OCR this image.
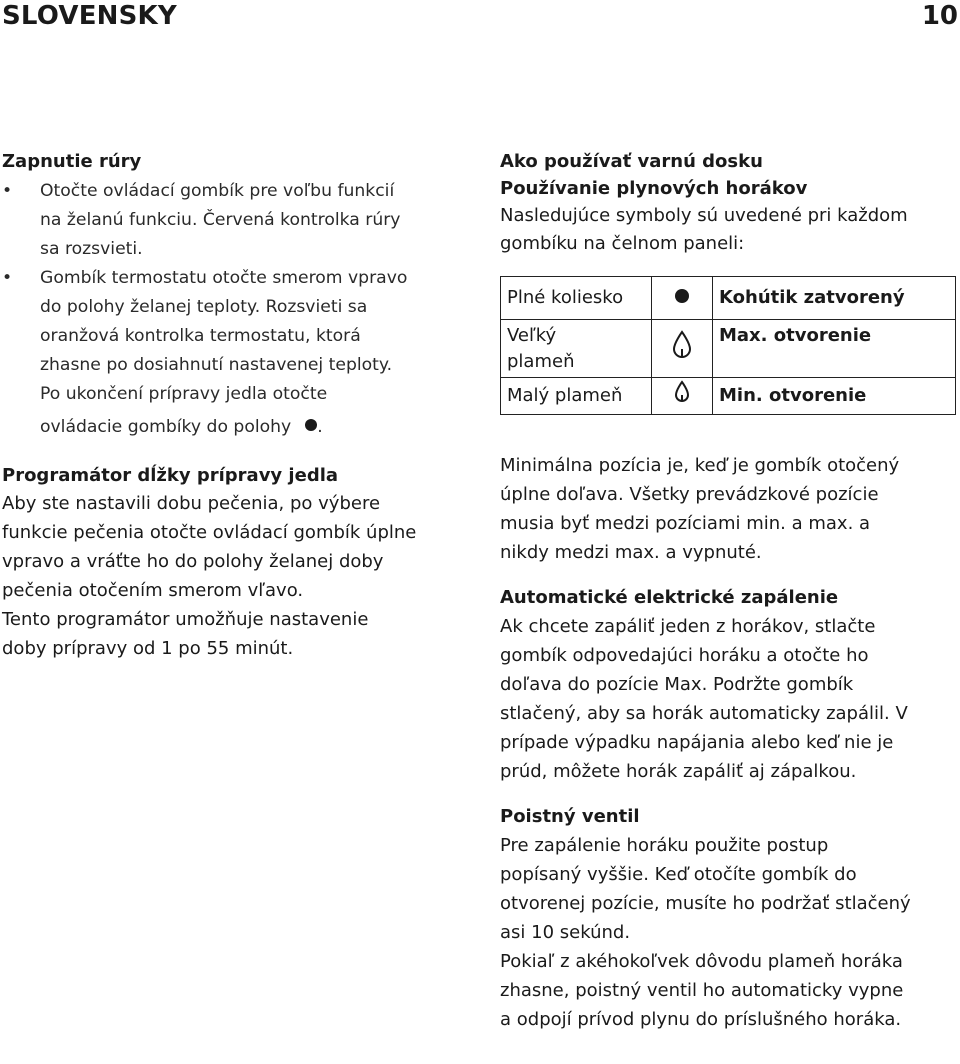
SLOVENSKY	10
Zapnutie rúry
•	Otočte ovládací gombík pre voľbu funkcií
na želanú funkciu. Červená kontrolka rúry
sa rozsvieti.
•	Gombík termostatu otočte smerom vpravo
do polohy želanej teploty. Rozsvieti sa
oranžová kontrolka termostatu, ktorá
zhasne po dosiahnutí nastavenej teploty.
Po ukončení prípravy jedla otočte
ovládacie gombíky do polohy .
Programátor dĺžky prípravy jedla

Aby ste nastavili dobu pečenia, po výbere
funkcie pečenia otočte ovládací gombík úplne
vpravo a vráťte ho do polohy želanej doby
pečenia otočením smerom vľavo.
Tento programátor umožňuje nastavenie
doby prípravy od 1 po 55 minút.

Ako používať varnú dosku
Používanie plynových horákov

Nasledujúce symboly sú uvedené pri každom
gombíku na čelnom paneli:

Plné koliesko		Kohútik zatvorený
Veľký
plameň		Max. otvorenie
Malý plameň		Min. otvorenie

Minimálna pozícia je, keď je gombík otočený
úplne doľava. Všetky prevádzkové pozície
musia byť medzi pozíciami min. a max. a
nikdy medzi max. a vypnuté.

Automatické elektrické zapálenie

Ak chcete zapáliť jeden z horákov, stlačte
gombík odpovedajúci horáku a otočte ho
doľava do pozície Max. Podržte gombík
stlačený, aby sa horák automaticky zapálil. V
prípade výpadku napájania alebo keď nie je
prúd, môžete horák zapáliť aj zápalkou.

Poistný ventil

Pre zapálenie horáku použite postup
popísaný vyššie. Keď otočíte gombík do
otvorenej pozície, musíte ho podržať stlačený
asi 10 sekúnd.
Pokiaľ z akéhokoľvek dôvodu plameň horáka
zhasne, poistný ventil ho automaticky vypne
a odpojí prívod plynu do príslušného horáka.
